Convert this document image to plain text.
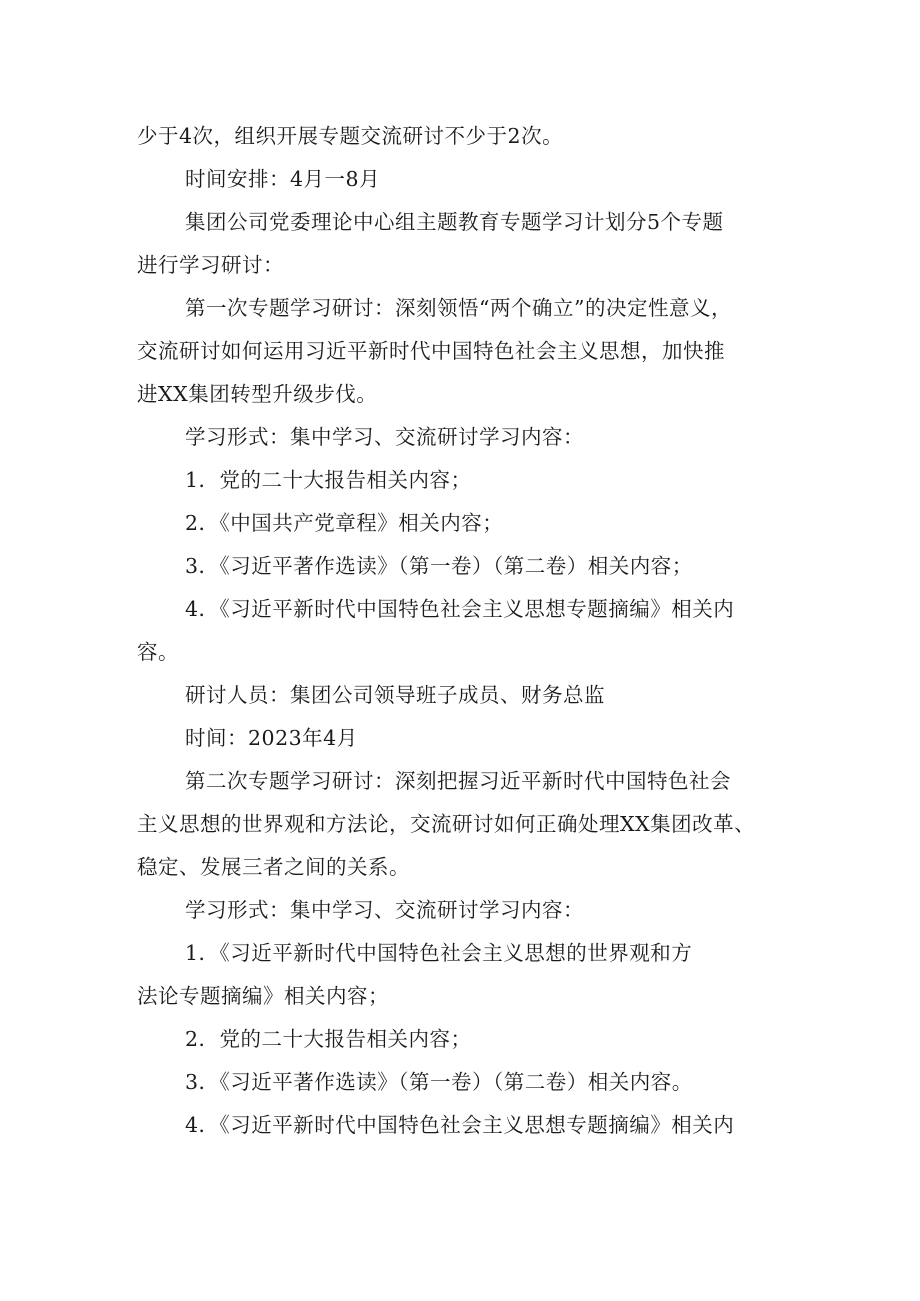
少于4次，组织开展专题交流研讨不少于2次。
时间安排：4月一8月
集团公司党委理论中心组主题教育专题学习计划分5个专题
进行学习研讨：
第一次专题学习研讨：深刻领悟“两个确立”的决定性意义，
交流研讨如何运用习近平新时代中国特色社会主义思想，加快推
进XX集团转型升级步伐。
学习形式：集中学习、交流研讨学习内容：
1．党的二十大报告相关内容；
2．《中国共产党章程》相关内容；
3．《习近平著作选读》（第一卷）（第二卷）相关内容；
4．《习近平新时代中国特色社会主义思想专题摘编》相关内
容。
研讨人员：集团公司领导班子成员、财务总监
时间：2023年4月
第二次专题学习研讨：深刻把握习近平新时代中国特色社会
主义思想的世界观和方法论，交流研讨如何正确处理XX集团改革、
稳定、发展三者之间的关系。
学习形式：集中学习、交流研讨学习内容：
1．《习近平新时代中国特色社会主义思想的世界观和方
法论专题摘编》相关内容；
2．党的二十大报告相关内容；
3．《习近平著作选读》（第一卷）（第二卷）相关内容。
4．《习近平新时代中国特色社会主义思想专题摘编》相关内
